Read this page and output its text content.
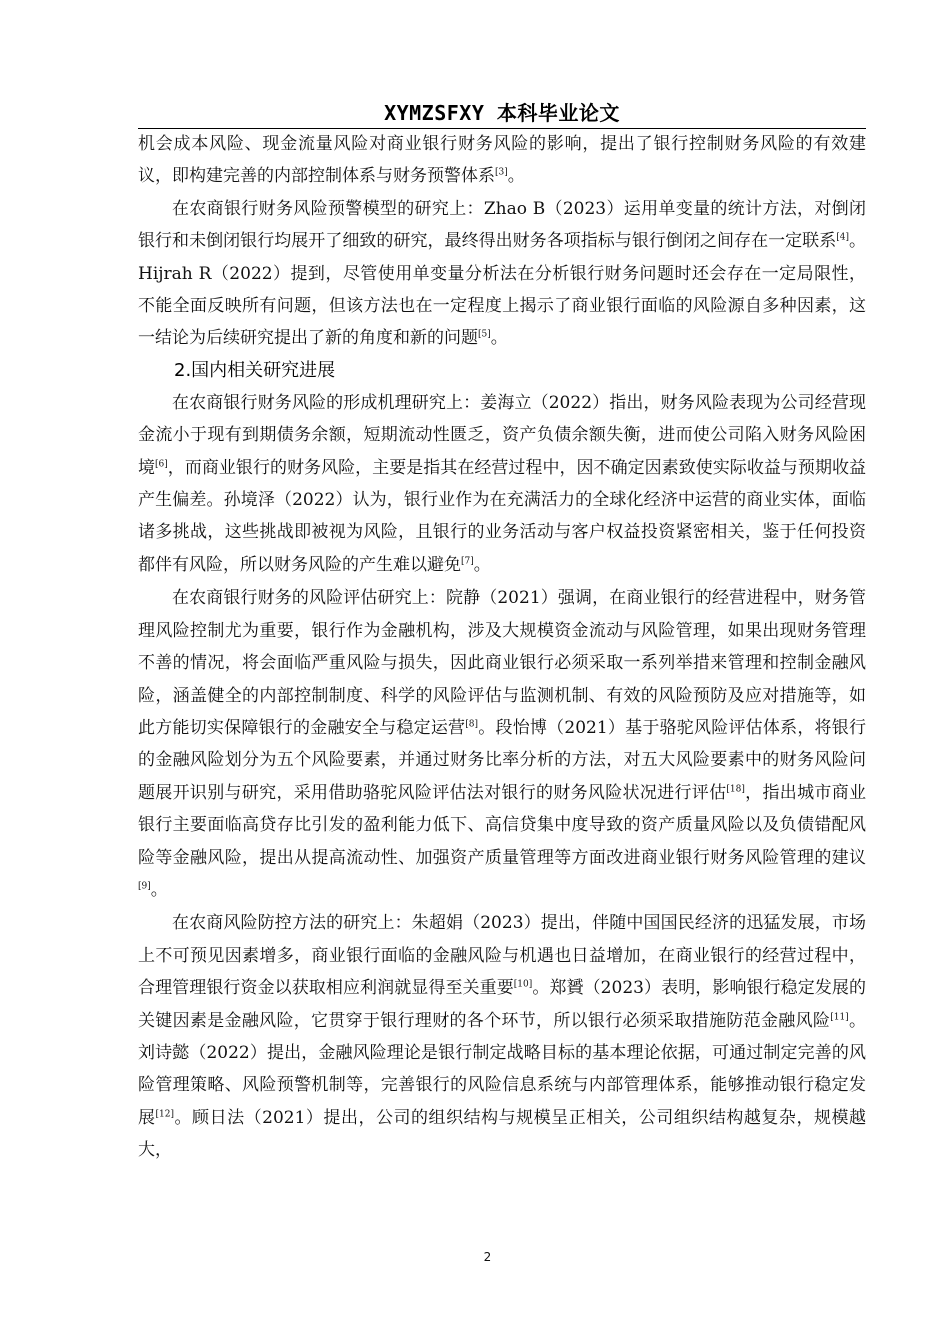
XYMZSFXY 本科毕业论文

机会成本风险、现金流量风险对商业银行财务风险的影响，提出了银行控制财务风险的有效建议，即构建完善的内部控制体系与财务预警体系[3]。

在农商银行财务风险预警模型的研究上：Zhao B（2023）运用单变量的统计方法，对倒闭银行和未倒闭银行均展开了细致的研究，最终得出财务各项指标与银行倒闭之间存在一定联系[4]。Hijrah R（2022）提到，尽管使用单变量分析法在分析银行财务问题时还会存在一定局限性，不能全面反映所有问题，但该方法也在一定程度上揭示了商业银行面临的风险源自多种因素，这一结论为后续研究提出了新的角度和新的问题[5]。

2.国内相关研究进展

在农商银行财务风险的形成机理研究上：姜海立（2022）指出，财务风险表现为公司经营现金流小于现有到期债务余额，短期流动性匮乏，资产负债余额失衡，进而使公司陷入财务风险困境[6]，而商业银行的财务风险，主要是指其在经营过程中，因不确定因素致使实际收益与预期收益产生偏差。孙境泽（2022）认为，银行业作为在充满活力的全球化经济中运营的商业实体，面临诸多挑战，这些挑战即被视为风险，且银行的业务活动与客户权益投资紧密相关，鉴于任何投资都伴有风险，所以财务风险的产生难以避免[7]。

在农商银行财务的风险评估研究上：院静（2021）强调，在商业银行的经营进程中，财务管理风险控制尤为重要，银行作为金融机构，涉及大规模资金流动与风险管理，如果出现财务管理不善的情况，将会面临严重风险与损失，因此商业银行必须采取一系列举措来管理和控制金融风险，涵盖健全的内部控制制度、科学的风险评估与监测机制、有效的风险预防及应对措施等，如此方能切实保障银行的金融安全与稳定运营[8]。段怡博（2021）基于骆驼风险评估体系，将银行的金融风险划分为五个风险要素，并通过财务比率分析的方法，对五大风险要素中的财务风险问题展开识别与研究，采用借助骆驼风险评估法对银行的财务风险状况进行评估[18]，指出城市商业银行主要面临高贷存比引发的盈利能力低下、高信贷集中度导致的资产质量风险以及负债错配风险等金融风险，提出从提高流动性、加强资产质量管理等方面改进商业银行财务风险管理的建议[9]。

在农商风险防控方法的研究上：朱超娟（2023）提出，伴随中国国民经济的迅猛发展，市场上不可预见因素增多，商业银行面临的金融风险与机遇也日益增加，在商业银行的经营过程中，合理管理银行资金以获取相应利润就显得至关重要[10]。郑贇（2023）表明，影响银行稳定发展的关键因素是金融风险，它贯穿于银行理财的各个环节，所以银行必须采取措施防范金融风险[11]。刘诗懿（2022）提出，金融风险理论是银行制定战略目标的基本理论依据，可通过制定完善的风险管理策略、风险预警机制等，完善银行的风险信息系统与内部管理体系，能够推动银行稳定发展[12]。顾日法（2021）提出，公司的组织结构与规模呈正相关，公司组织结构越复杂，规模越大，

2
